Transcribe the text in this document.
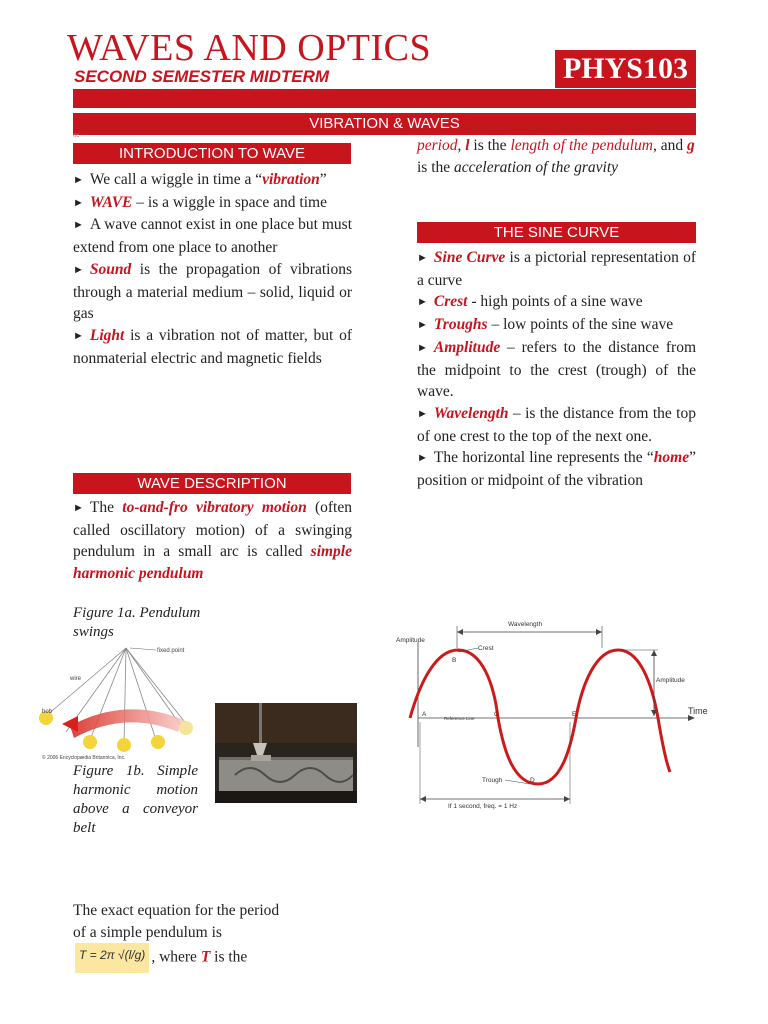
WAVES AND OPTICS
SECOND SEMESTER MIDTERM	PHYS103
VIBRATION & WAVES
oc
INTRODUCTION TO WAVE

► We call a wiggle in time a “vibration”

► WAVE – is a wiggle in space and time

► A wave cannot exist in one place but must extend from one place to another

► Sound is the propagation of vibrations through a material medium – solid, liquid or gas

► Light is a vibration not of matter, but of nonmaterial electric and magnetic fields

WAVE DESCRIPTION

► The to-and-fro vibratory motion (often called oscillatory motion) of a swinging pendulum in a small arc is called simple harmonic pendulum

Figure 1a. Pendulum swings
fixed point
wire
bob
© 2006 Encyclopædia Britannica, Inc.
Figure 1b. Simple harmonic motion above a conveyor belt
The exact equation for the period of a simple pendulum is T = 2π √(l/g) , where T is the

period, l is the length of the pendulum, and g is the acceleration of the gravity

THE SINE CURVE

► Sine Curve is a pictorial representation of a curve

► Crest - high points of a sine wave

► Troughs – low points of the sine wave

► Amplitude – refers to the distance from the midpoint to the crest (trough) of the wave.

► Wavelength – is the distance from the top of one crest to the top of the next one.

► The horizontal line represents the “home” position or midpoint of the vibration

Amplitude
Time
Wavelength
Amplitude
Crest
Reference Line
Trough
If 1 second, freq. = 1 Hz
A
B
C
D
E
